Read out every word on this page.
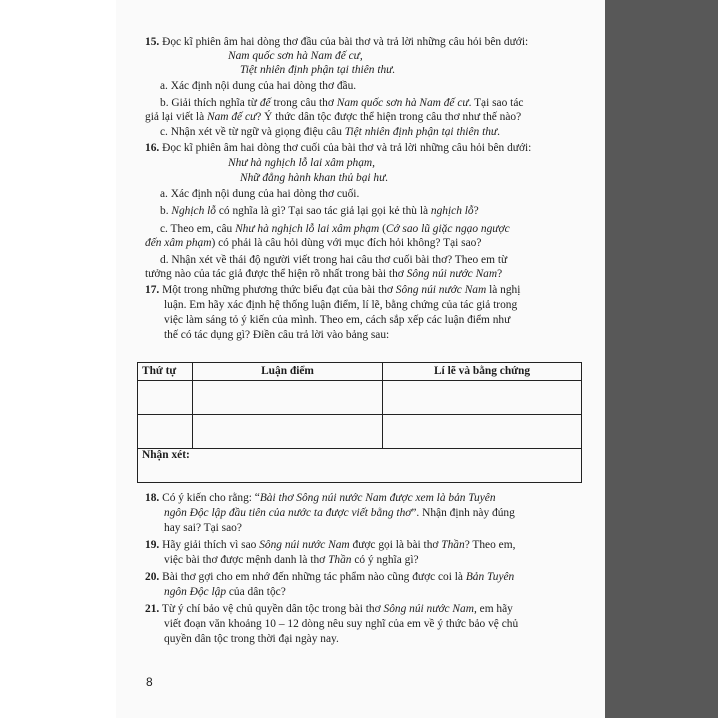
15. Đọc kĩ phiên âm hai dòng thơ đầu của bài thơ và trả lời những câu hỏi bên dưới:
Nam quốc sơn hà Nam đế cư,
Tiệt nhiên định phận tại thiên thư.
a. Xác định nội dung của hai dòng thơ đầu.
b. Giải thích nghĩa từ đế trong câu thơ Nam quốc sơn hà Nam đế cư. Tại sao tác
giả lại viết là Nam đế cư? Ý thức dân tộc được thể hiện trong câu thơ như thế nào?
c. Nhận xét về từ ngữ và giọng điệu câu Tiệt nhiên định phận tại thiên thư.
16. Đọc kĩ phiên âm hai dòng thơ cuối của bài thơ và trả lời những câu hỏi bên dưới:
Như hà nghịch lỗ lai xâm phạm,
Nhữ đẳng hành khan thủ bại hư.
a. Xác định nội dung của hai dòng thơ cuối.
b. Nghịch lỗ có nghĩa là gì? Tại sao tác giả lại gọi kẻ thù là nghịch lỗ?
c. Theo em, câu Như hà nghịch lỗ lai xâm phạm (Cớ sao lũ giặc ngạo ngược
đến xâm phạm) có phải là câu hỏi dùng với mục đích hỏi không? Tại sao?
d. Nhận xét về thái độ người viết trong hai câu thơ cuối bài thơ? Theo em từ
tưởng nào của tác giả được thể hiện rõ nhất trong bài thơ Sông núi nước Nam?
17. Một trong những phương thức biểu đạt của bài thơ Sông núi nước Nam là nghị
luận. Em hãy xác định hệ thống luận điểm, lí lẽ, bằng chứng của tác giả trong
việc làm sáng tỏ ý kiến của mình. Theo em, cách sắp xếp các luận điểm như
thế có tác dụng gì? Điền câu trả lời vào bảng sau:
18. Có ý kiến cho rằng: “Bài thơ Sông núi nước Nam được xem là bản Tuyên
ngôn Độc lập đầu tiên của nước ta được viết bằng thơ”. Nhận định này đúng
hay sai? Tại sao?
19. Hãy giải thích vì sao Sông núi nước Nam được gọi là bài thơ Thần? Theo em,
việc bài thơ được mệnh danh là thơ Thần có ý nghĩa gì?
20. Bài thơ gợi cho em nhớ đến những tác phẩm nào cũng được coi là Bản Tuyên
ngôn Độc lập của dân tộc?
21. Từ ý chí bảo vệ chủ quyền dân tộc trong bài thơ Sông núi nước Nam, em hãy
viết đoạn văn khoảng 10 – 12 dòng nêu suy nghĩ của em về ý thức bảo vệ chủ
quyền dân tộc trong thời đại ngày nay.
Thứ tự	Luận điểm	Lí lẽ và bằng chứng

Nhận xét:		
8
